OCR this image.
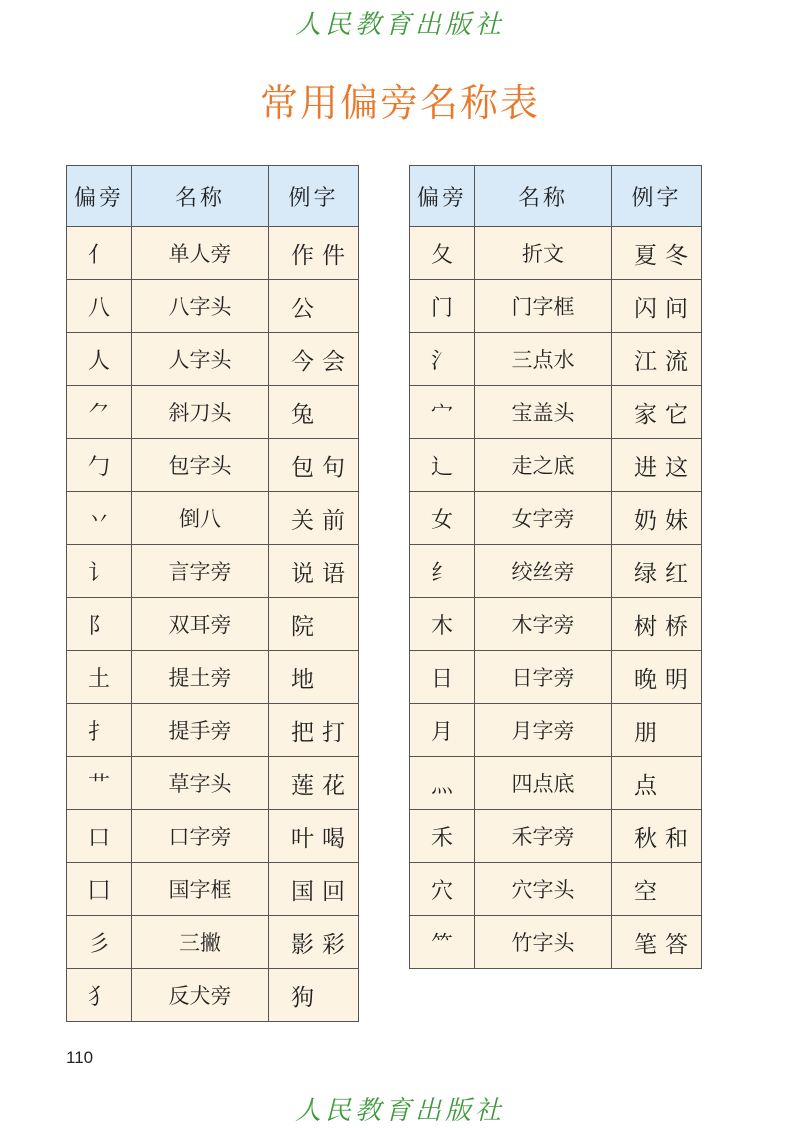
人民教育出版社
常用偏旁名称表
偏旁	名称	例字
亻	单人旁	作件
八	八字头	公
人	人字头	今会
⺈	斜刀头	兔
勹	包字头	包句
丷	倒八	关前
讠	言字旁	说语
阝	双耳旁	院
土	提土旁	地
扌	提手旁	把打
艹	草字头	莲花
口	口字旁	叶喝
囗	国字框	国回
彡	三撇	影彩
犭	反犬旁	狗
偏旁	名称	例字
夂	折文	夏冬
门	门字框	闪问
氵	三点水	江流
宀	宝盖头	家它
辶	走之底	进这
女	女字旁	奶妹
纟	绞丝旁	绿红
木	木字旁	树桥
日	日字旁	晚明
月	月字旁	朋
灬	四点底	点
禾	禾字旁	秋和
穴	穴字头	空
⺮	竹字头	笔答
110
人民教育出版社
